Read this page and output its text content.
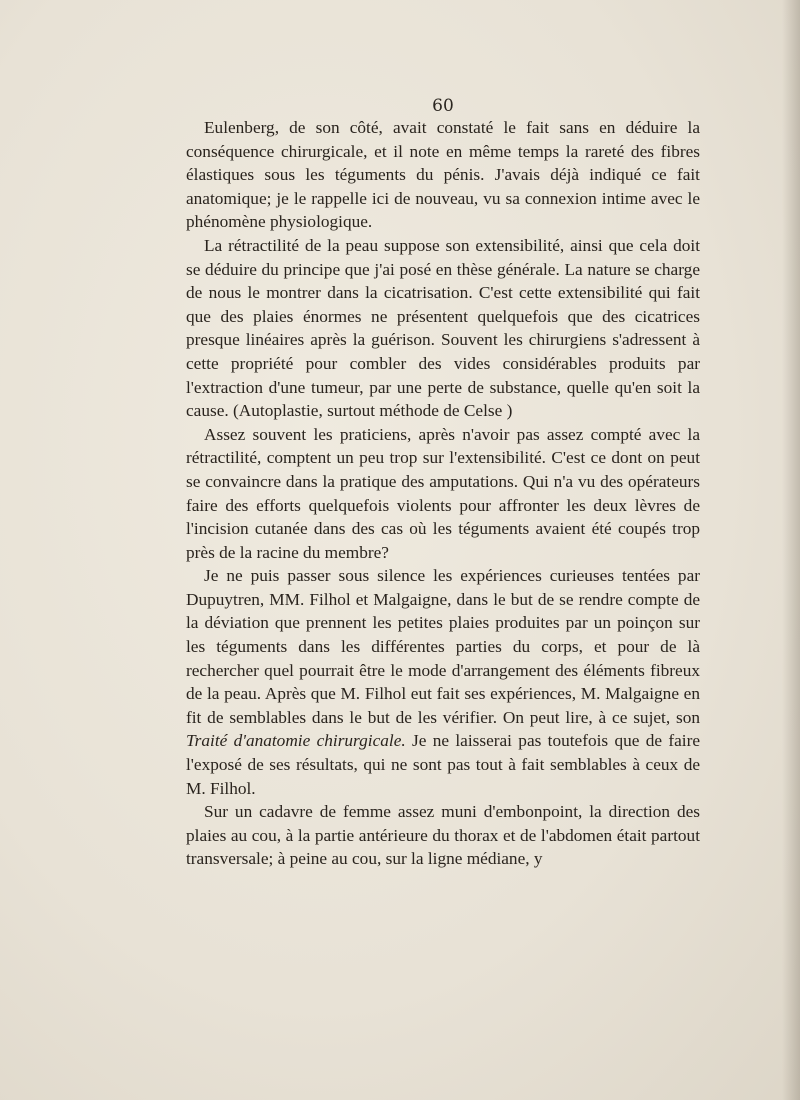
60

Eulenberg, de son côté, avait constaté le fait sans en déduire la conséquence chirurgicale, et il note en même temps la rareté des fibres élastiques sous les téguments du pénis. J'avais déjà indiqué ce fait anatomique; je le rappelle ici de nouveau, vu sa connexion intime avec le phénomène physiologique.

La rétractilité de la peau suppose son extensibilité, ainsi que cela doit se déduire du principe que j'ai posé en thèse générale. La nature se charge de nous le montrer dans la cicatrisation. C'est cette extensibilité qui fait que des plaies énormes ne présentent quelquefois que des cicatrices presque linéaires après la guérison. Souvent les chirurgiens s'adressent à cette propriété pour combler des vides considérables produits par l'extraction d'une tumeur, par une perte de substance, quelle qu'en soit la cause. (Autoplastie, surtout méthode de Celse )

Assez souvent les praticiens, après n'avoir pas assez compté avec la rétractilité, comptent un peu trop sur l'extensibilité. C'est ce dont on peut se convaincre dans la pratique des amputations. Qui n'a vu des opérateurs faire des efforts quelquefois violents pour affronter les deux lèvres de l'incision cutanée dans des cas où les téguments avaient été coupés trop près de la racine du membre?

Je ne puis passer sous silence les expériences curieuses tentées par Dupuytren, MM. Filhol et Malgaigne, dans le but de se rendre compte de la déviation que prennent les petites plaies produites par un poinçon sur les téguments dans les différentes parties du corps, et pour de là rechercher quel pourrait être le mode d'arrangement des éléments fibreux de la peau. Après que M. Filhol eut fait ses expériences, M. Malgaigne en fit de semblables dans le but de les vérifier. On peut lire, à ce sujet, son Traité d'anatomie chirurgicale. Je ne laisserai pas toutefois que de faire l'exposé de ses résultats, qui ne sont pas tout à fait semblables à ceux de M. Filhol.

Sur un cadavre de femme assez muni d'embonpoint, la direction des plaies au cou, à la partie antérieure du thorax et de l'abdomen était partout transversale; à peine au cou, sur la ligne médiane, y
